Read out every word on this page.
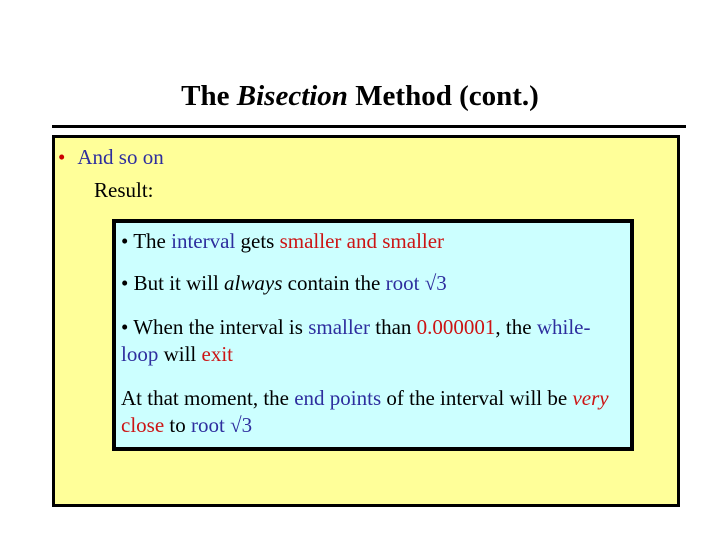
The Bisection Method (cont.)
• And so on
Result:
• The interval gets smaller and smaller
• But it will always contain the root √3
• When the interval is smaller than 0.000001, the while-loop will exit
At that moment, the end points of the interval will be very close to root √3
